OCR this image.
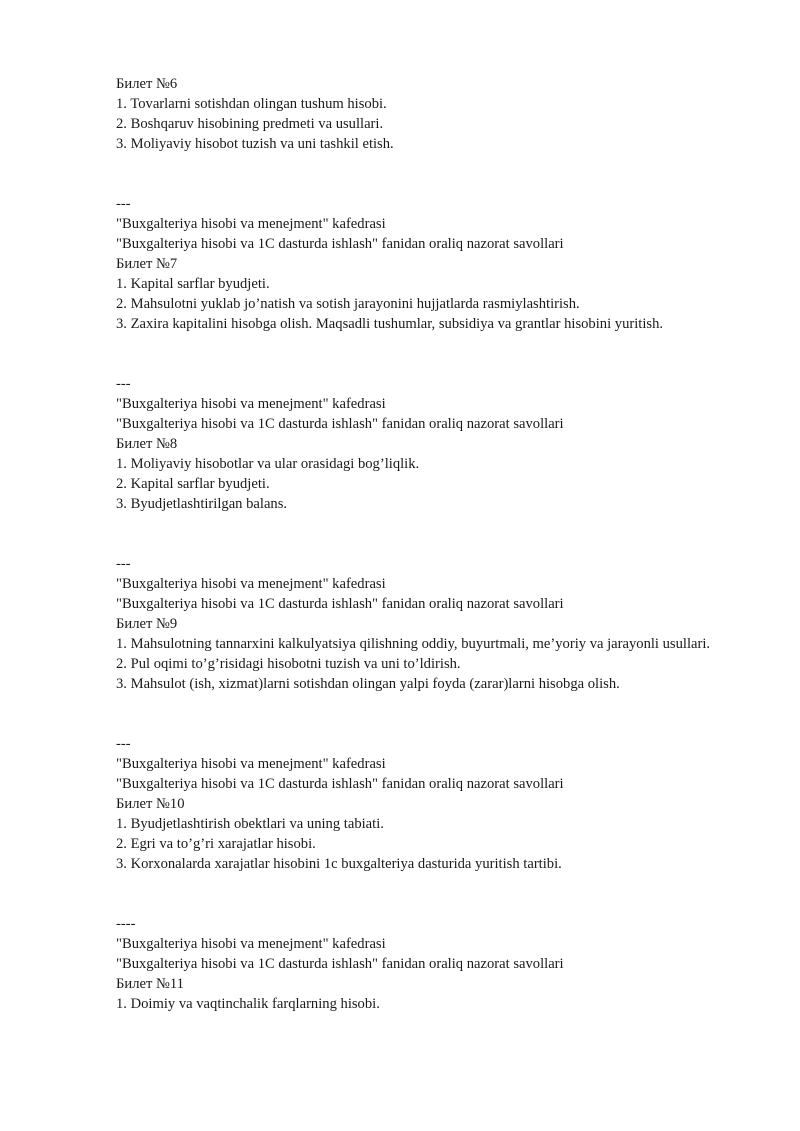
Билет №6
1. Tovarlarni sotishdan olingan tushum hisobi.
2. Boshqaruv hisobining predmeti va usullari.
3. Moliyaviy hisobot tuzish va uni tashkil etish.
---
"Buxgalteriya hisobi va menejment" kafedrasi
"Buxgalteriya hisobi va 1C dasturda ishlash" fanidan oraliq nazorat savollari
Билет №7
1. Kapital sarflar byudjeti.
2. Mahsulotni yuklab jo’natish va sotish jarayonini hujjatlarda rasmiylashtirish.
3. Zaxira kapitalini hisobga olish. Maqsadli tushumlar, subsidiya va grantlar hisobini yuritish.
---
"Buxgalteriya hisobi va menejment" kafedrasi
"Buxgalteriya hisobi va 1C dasturda ishlash" fanidan oraliq nazorat savollari
Билет №8
1. Moliyaviy hisobotlar va ular orasidagi bog’liqlik.
2. Kapital sarflar byudjeti.
3. Byudjetlashtirilgan balans.
---
"Buxgalteriya hisobi va menejment" kafedrasi
"Buxgalteriya hisobi va 1C dasturda ishlash" fanidan oraliq nazorat savollari
Билет №9
1. Mahsulotning tannarxini kalkulyatsiya qilishning oddiy, buyurtmali, me’yoriy va jarayonli usullari.
2. Pul oqimi to’g’risidagi hisobotni tuzish va uni to’ldirish.
3. Mahsulot (ish, xizmat)larni sotishdan olingan yalpi foyda (zarar)larni hisobga olish.
---
"Buxgalteriya hisobi va menejment" kafedrasi
"Buxgalteriya hisobi va 1C dasturda ishlash" fanidan oraliq nazorat savollari
Билет №10
1. Byudjetlashtirish obektlari va uning tabiati.
2. Egri va to’g’ri xarajatlar hisobi.
3. Korxonalarda xarajatlar hisobini 1c buxgalteriya dasturida yuritish tartibi.
----
"Buxgalteriya hisobi va menejment" kafedrasi
"Buxgalteriya hisobi va 1C dasturda ishlash" fanidan oraliq nazorat savollari
Билет №11
1. Doimiy va vaqtinchalik farqlarning hisobi.
